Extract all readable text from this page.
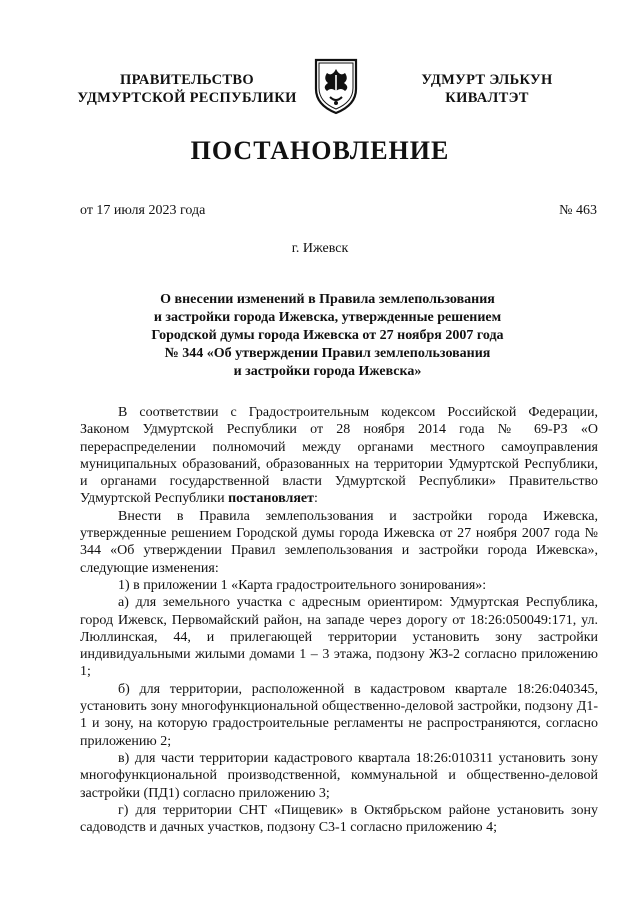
ПРАВИТЕЛЬСТВО
УДМУРТСКОЙ РЕСПУБЛИКИ
УДМУРТ ЭЛЬКУН
КИВАЛТЭТ
ПОСТАНОВЛЕНИЕ
от 17 июля 2023 года	№ 463
г. Ижевск
О внесении изменений в Правила землепользования
и застройки города Ижевска, утвержденные решением
Городской думы города Ижевска от 27 ноября 2007 года
№ 344 «Об утверждении Правил землепользования
и застройки города Ижевска»

В соответствии с Градостроительным кодексом Российской Федерации, Законом Удмуртской Республики от 28 ноября 2014 года № 69-РЗ «О перераспределении полномочий между органами местного самоуправления муниципальных образований, образованных на территории Удмуртской Республики, и органами государственной власти Удмуртской Республики» Правительство Удмуртской Республики постановляет:

Внести в Правила землепользования и застройки города Ижевска, утвержденные решением Городской думы города Ижевска от 27 ноября 2007 года № 344 «Об утверждении Правил землепользования и застройки города Ижевска», следующие изменения:

1) в приложении 1 «Карта градостроительного зонирования»:

а) для земельного участка с адресным ориентиром: Удмуртская Республика, город Ижевск, Первомайский район, на западе через дорогу от 18:26:050049:171, ул. Люллинская, 44, и прилегающей территории установить зону застройки индивидуальными жилыми домами 1 – 3 этажа, подзону ЖЗ-2 согласно приложению 1;

б) для территории, расположенной в кадастровом квартале 18:26:040345, установить зону многофункциональной общественно-деловой застройки, подзону Д1-1 и зону, на которую градостроительные регламенты не распространяются, согласно приложению 2;

в) для части территории кадастрового квартала 18:26:010311 установить зону многофункциональной производственной, коммунальной и общественно-деловой застройки (ПД1) согласно приложению 3;

г) для территории СНТ «Пищевик» в Октябрьском районе установить зону садоводств и дачных участков, подзону С3-1 согласно приложению 4;
